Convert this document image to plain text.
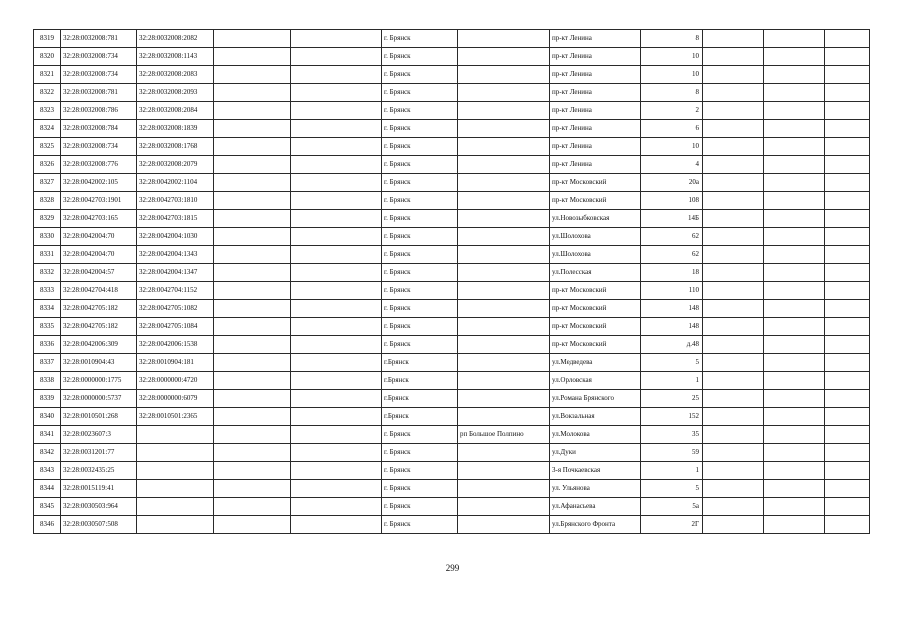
8319	32:28:0032008:781	32:28:0032008:2082			г. Брянск		пр-кт Ленина	8			
8320	32:28:0032008:734	32:28:0032008:1143			г. Брянск		пр-кт Ленина	10			
8321	32:28:0032008:734	32:28:0032008:2083			г. Брянск		пр-кт Ленина	10			
8322	32:28:0032008:781	32:28:0032008:2093			г. Брянск		пр-кт Ленина	8			
8323	32:28:0032008:786	32:28:0032008:2084			г. Брянск		пр-кт Ленина	2			
8324	32:28:0032008:784	32:28:0032008:1839			г. Брянск		пр-кт Ленина	6			
8325	32:28:0032008:734	32:28:0032008:1768			г. Брянск		пр-кт Ленина	10			
8326	32:28:0032008:776	32:28:0032008:2079			г. Брянск		пр-кт Ленина	4			
8327	32:28:0042002:105	32:28:0042002:1104			г. Брянск		пр-кт Московский	20а			
8328	32:28:0042703:1901	32:28:0042703:1810			г. Брянск		пр-кт Московский	108			
8329	32:28:0042703:165	32:28:0042703:1815			г. Брянск		ул.Новозыбковская	14Б			
8330	32:28:0042004:70	32:28:0042004:1030			г. Брянск		ул.Шолохова	62			
8331	32:28:0042004:70	32:28:0042004:1343			г. Брянск		ул.Шолохова	62			
8332	32:28:0042004:57	32:28:0042004:1347			г. Брянск		ул.Полесская	18			
8333	32:28:0042704:418	32:28:0042704:1152			г. Брянск		пр-кт Московский	110			
8334	32:28:0042705:182	32:28:0042705:1082			г. Брянск		пр-кт Московский	148			
8335	32:28:0042705:182	32:28:0042705:1084			г. Брянск		пр-кт Московский	148			
8336	32:28:0042006:309	32:28:0042006:1538			г. Брянск		пр-кт Московский	д.48			
8337	32:28:0010904:43	32:28:0010904:181			г.Брянск		ул.Медведева	5			
8338	32:28:0000000:1775	32:28:0000000:4720			г.Брянск		ул.Орловская	1			
8339	32:28:0000000:5737	32:28:0000000:6079			г.Брянск		ул.Романа Брянского	25			
8340	32:28:0010501:268	32:28:0010501:2365			г.Брянск		ул.Вокзальная	152			
8341	32:28:0023607:3				г. Брянск	рп Большое Полпино	ул.Молокова	35			
8342	32:28:0031201:77				г. Брянск		ул.Дуки	59			
8343	32:28:0032435:25				г. Брянск		3-я Почкаевская	1			
8344	32:28:0015119:41				г. Брянск		ул. Ульянова	5			
8345	32:28:0030503:964				г. Брянск		ул.Афанасьева	5а			
8346	32:28:0030507:508				г. Брянск		ул.Брянского Фронта	2Г			
299
